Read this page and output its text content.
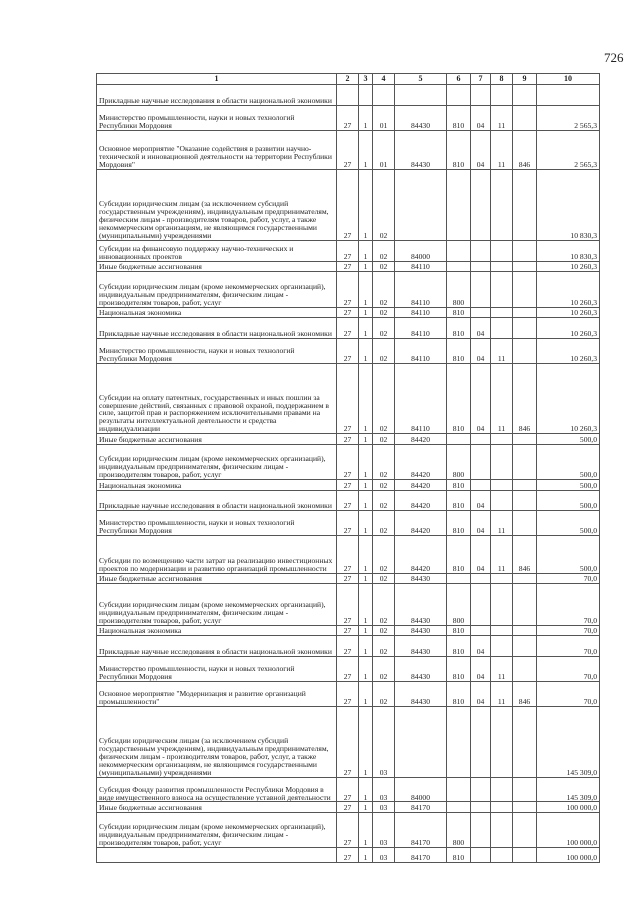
726
1	2	3	4	5	6	7	8	9	10
Прикладные научные исследования в области национальной экономики									
Министерство промышленности, науки и новых технологий Республики Мордовия	27	1	01	84430	810	04	11		2 565,3
Основное мероприятие "Оказание содействия в развитии научно-технической и инновационной деятельности на территории Республики Мордовия"	27	1	01	84430	810	04	11	846	2 565,3
Субсидии юридическим лицам (за исключением субсидий государственным учреждениям), индивидуальным предпринимателям, физическим лицам - производителям товаров, работ, услуг, а также некоммерческим организациям, не являющимся государственными (муниципальными) учреждениями	27	1	02						10 830,3
Субсидии на финансовую поддержку научно-технических и инновационных проектов	27	1	02	84000					10 830,3
Иные бюджетные ассигнования	27	1	02	84110					10 260,3
Субсидии юридическим лицам (кроме некоммерческих организаций), индивидуальным предпринимателям, физическим лицам - производителям товаров, работ, услуг	27	1	02	84110	800				10 260,3
Национальная экономика	27	1	02	84110	810				10 260,3
Прикладные научные исследования в области национальной экономики	27	1	02	84110	810	04			10 260,3
Министерство промышленности, науки и новых технологий Республики Мордовия	27	1	02	84110	810	04	11		10 260,3
Субсидии на оплату патентных, государственных и иных пошлин за совершение действий, связанных с правовой охраной, поддержанием в силе, защитой прав и распоряжением исключительными правами на результаты интеллектуальной деятельности и средства индивидуализации	27	1	02	84110	810	04	11	846	10 260,3
Иные бюджетные ассигнования	27	1	02	84420					500,0
Субсидии юридическим лицам (кроме некоммерческих организаций), индивидуальным предпринимателям, физическим лицам - производителям товаров, работ, услуг	27	1	02	84420	800				500,0
Национальная экономика	27	1	02	84420	810				500,0
Прикладные научные исследования в области национальной экономики	27	1	02	84420	810	04			500,0
Министерство промышленности, науки и новых технологий Республики Мордовия	27	1	02	84420	810	04	11		500,0
Субсидии по возмещению части затрат на реализацию инвестиционных проектов по модернизации и развитию организаций промышленности	27	1	02	84420	810	04	11	846	500,0
Иные бюджетные ассигнования	27	1	02	84430					70,0
Субсидии юридическим лицам (кроме некоммерческих организаций), индивидуальным предпринимателям, физическим лицам - производителям товаров, работ, услуг	27	1	02	84430	800				70,0
Национальная экономика	27	1	02	84430	810				70,0
Прикладные научные исследования в области национальной экономики	27	1	02	84430	810	04			70,0
Министерство промышленности, науки и новых технологий Республики Мордовия	27	1	02	84430	810	04	11		70,0
Основное мероприятие "Модернизация и развитие организаций промышленности"	27	1	02	84430	810	04	11	846	70,0
Субсидии юридическим лицам (за исключением субсидий государственным учреждениям), индивидуальным предпринимателям, физическим лицам - производителям товаров, работ, услуг, а также некоммерческим организациям, не являющимся государственными (муниципальными) учреждениями	27	1	03						145 309,0
Субсидия Фонду развития промышленности Республики Мордовия в виде имущественного взноса на осуществление уставной деятельности	27	1	03	84000					145 309,0
Иные бюджетные ассигнования	27	1	03	84170					100 000,0
Субсидии юридическим лицам (кроме некоммерческих организаций), индивидуальным предпринимателям, физическим лицам - производителям товаров, работ, услуг	27	1	03	84170	800				100 000,0
	27	1	03	84170	810				100 000,0
